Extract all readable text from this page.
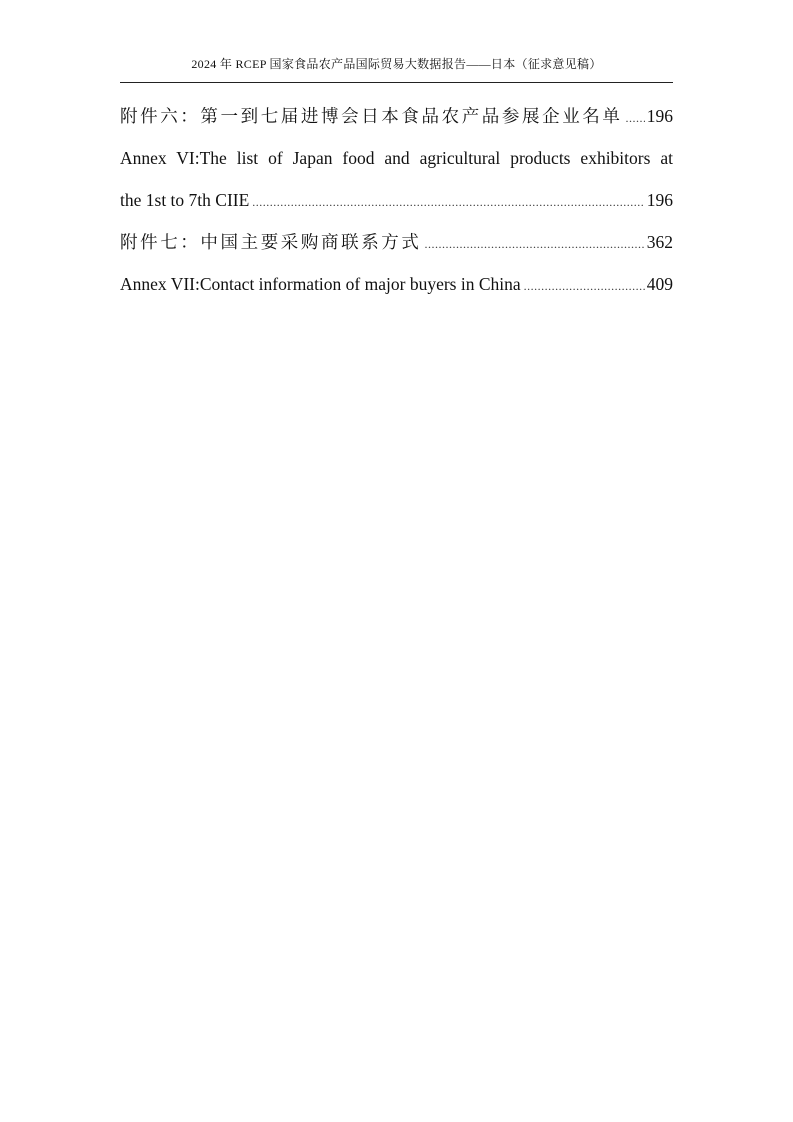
2024 年 RCEP 国家食品农产品国际贸易大数据报告——日本（征求意见稿）
附件六：第一到七届进博会日本食品农产品参展企业名单 ..... 196
Annex VI:The list of Japan food and agricultural products exhibitors at
the 1st to 7th CIIE .....	196
附件七：中国主要采购商联系方式 .....	362
Annex VII:Contact information of major buyers in China .....	409
